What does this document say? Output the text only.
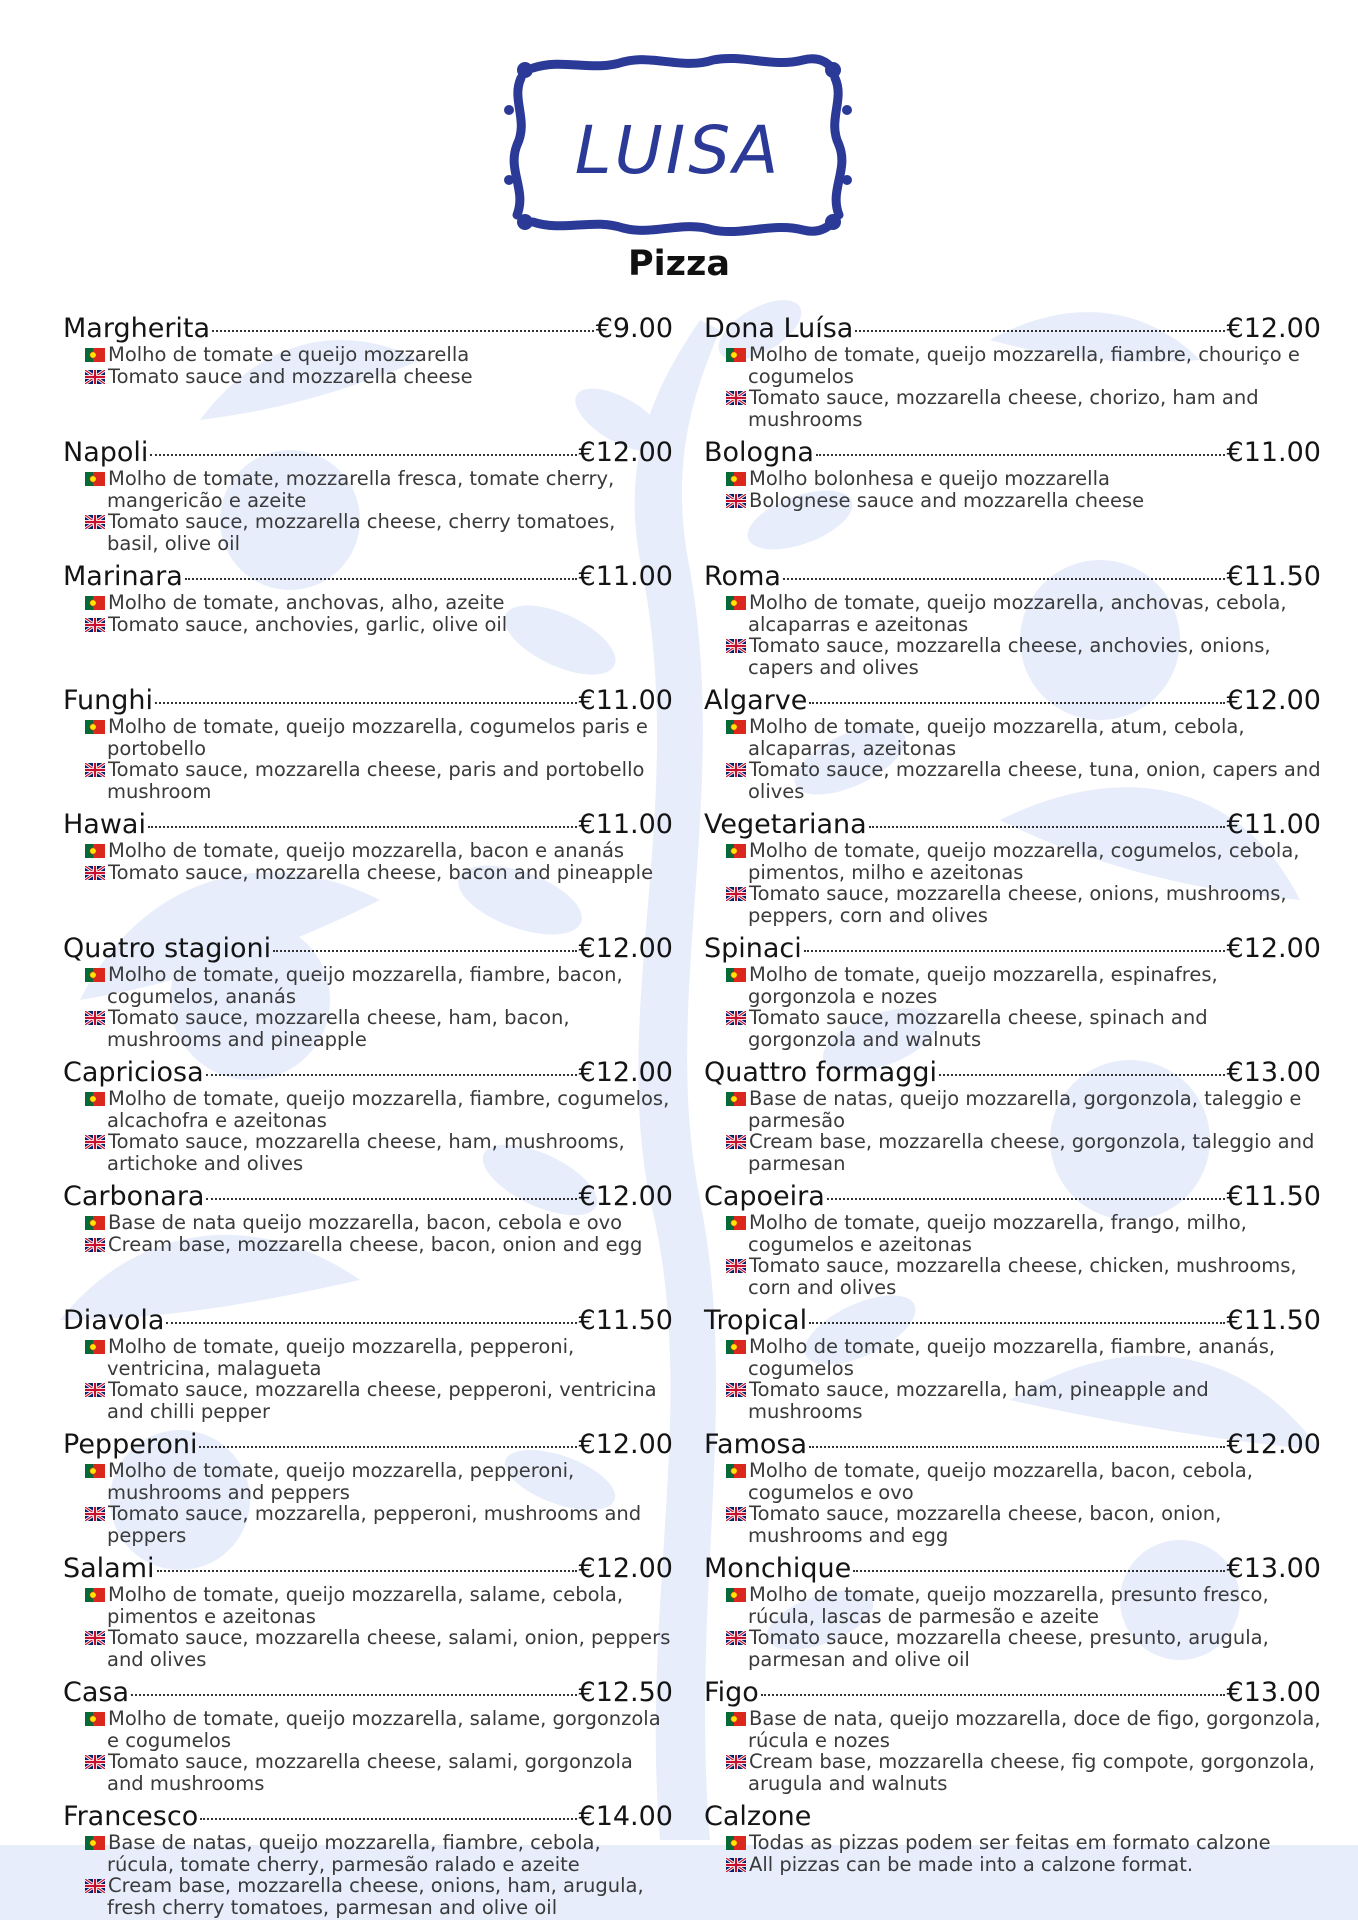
LUISA
Pizza
Margherita	€9.00
Molho de tomate e queijo mozzarella
Tomato sauce and mozzarella cheese
Napoli	€12.00
Molho de tomate, mozzarella fresca, tomate cherry, mangericão e azeite
Tomato sauce, mozzarella cheese, cherry tomatoes, basil, olive oil
Marinara	€11.00
Molho de tomate, anchovas, alho, azeite
Tomato sauce, anchovies, garlic, olive oil
Funghi	€11.00
Molho de tomate, queijo mozzarella, cogumelos paris e portobello
Tomato sauce, mozzarella cheese, paris and portobello mushroom
Hawai	€11.00
Molho de tomate, queijo mozzarella, bacon e ananás
Tomato sauce, mozzarella cheese, bacon and pineapple
Quatro stagioni	€12.00
Molho de tomate, queijo mozzarella, fiambre, bacon, cogumelos, ananás
Tomato sauce, mozzarella cheese, ham, bacon, mushrooms and pineapple
Capriciosa	€12.00
Molho de tomate, queijo mozzarella, fiambre, cogumelos, alcachofra e azeitonas
Tomato sauce, mozzarella cheese, ham, mushrooms, artichoke and olives
Carbonara	€12.00
Base de nata queijo mozzarella, bacon, cebola e ovo
Cream base, mozzarella cheese, bacon, onion and egg
Diavola	€11.50
Molho de tomate, queijo mozzarella, pepperoni, ventricina, malagueta
Tomato sauce, mozzarella cheese, pepperoni, ventricina and chilli pepper
Pepperoni	€12.00
Molho de tomate, queijo mozzarella, pepperoni, mushrooms and peppers
Tomato sauce, mozzarella, pepperoni, mushrooms and peppers
Salami	€12.00
Molho de tomate, queijo mozzarella, salame, cebola, pimentos e azeitonas
Tomato sauce, mozzarella cheese, salami, onion, peppers and olives
Casa	€12.50
Molho de tomate, queijo mozzarella, salame, gorgonzola e cogumelos
Tomato sauce, mozzarella cheese, salami, gorgonzola and mushrooms
Francesco	€14.00
Base de natas, queijo mozzarella, fiambre, cebola, rúcula, tomate cherry, parmesão ralado e azeite
Cream base, mozzarella cheese, onions, ham, arugula, fresh cherry tomatoes, parmesan and olive oil
Dona Luísa	€12.00
Molho de tomate, queijo mozzarella, fiambre, chouriço e cogumelos
Tomato sauce, mozzarella cheese, chorizo, ham and mushrooms
Bologna	€11.00
Molho bolonhesa e queijo mozzarella
Bolognese sauce and mozzarella cheese
Roma	€11.50
Molho de tomate, queijo mozzarella, anchovas, cebola, alcaparras e azeitonas
Tomato sauce, mozzarella cheese, anchovies, onions, capers and olives
Algarve	€12.00
Molho de tomate, queijo mozzarella, atum, cebola, alcaparras, azeitonas
Tomato sauce, mozzarella cheese, tuna, onion, capers and olives
Vegetariana	€11.00
Molho de tomate, queijo mozzarella, cogumelos, cebola, pimentos, milho e azeitonas
Tomato sauce, mozzarella cheese, onions, mushrooms, peppers, corn and olives
Spinaci	€12.00
Molho de tomate, queijo mozzarella, espinafres, gorgonzola e nozes
Tomato sauce, mozzarella cheese, spinach and gorgonzola and walnuts
Quattro formaggi	€13.00
Base de natas, queijo mozzarella, gorgonzola, taleggio e parmesão
Cream base, mozzarella cheese, gorgonzola, taleggio and parmesan
Capoeira	€11.50
Molho de tomate, queijo mozzarella, frango, milho, cogumelos e azeitonas
Tomato sauce, mozzarella cheese, chicken, mushrooms, corn and olives
Tropical	€11.50
Molho de tomate, queijo mozzarella, fiambre, ananás, cogumelos
Tomato sauce, mozzarella, ham, pineapple and mushrooms
Famosa	€12.00
Molho de tomate, queijo mozzarella, bacon, cebola, cogumelos e ovo
Tomato sauce, mozzarella cheese, bacon, onion, mushrooms and egg
Monchique	€13.00
Molho de tomate, queijo mozzarella, presunto fresco, rúcula, lascas de parmesão e azeite
Tomato sauce, mozzarella cheese, presunto, arugula, parmesan and olive oil
Figo	€13.00
Base de nata, queijo mozzarella, doce de figo, gorgonzola, rúcula e nozes
Cream base, mozzarella cheese, fig compote, gorgonzola, arugula and walnuts
Calzone
Todas as pizzas podem ser feitas em formato calzone
All pizzas can be made into a calzone format.
